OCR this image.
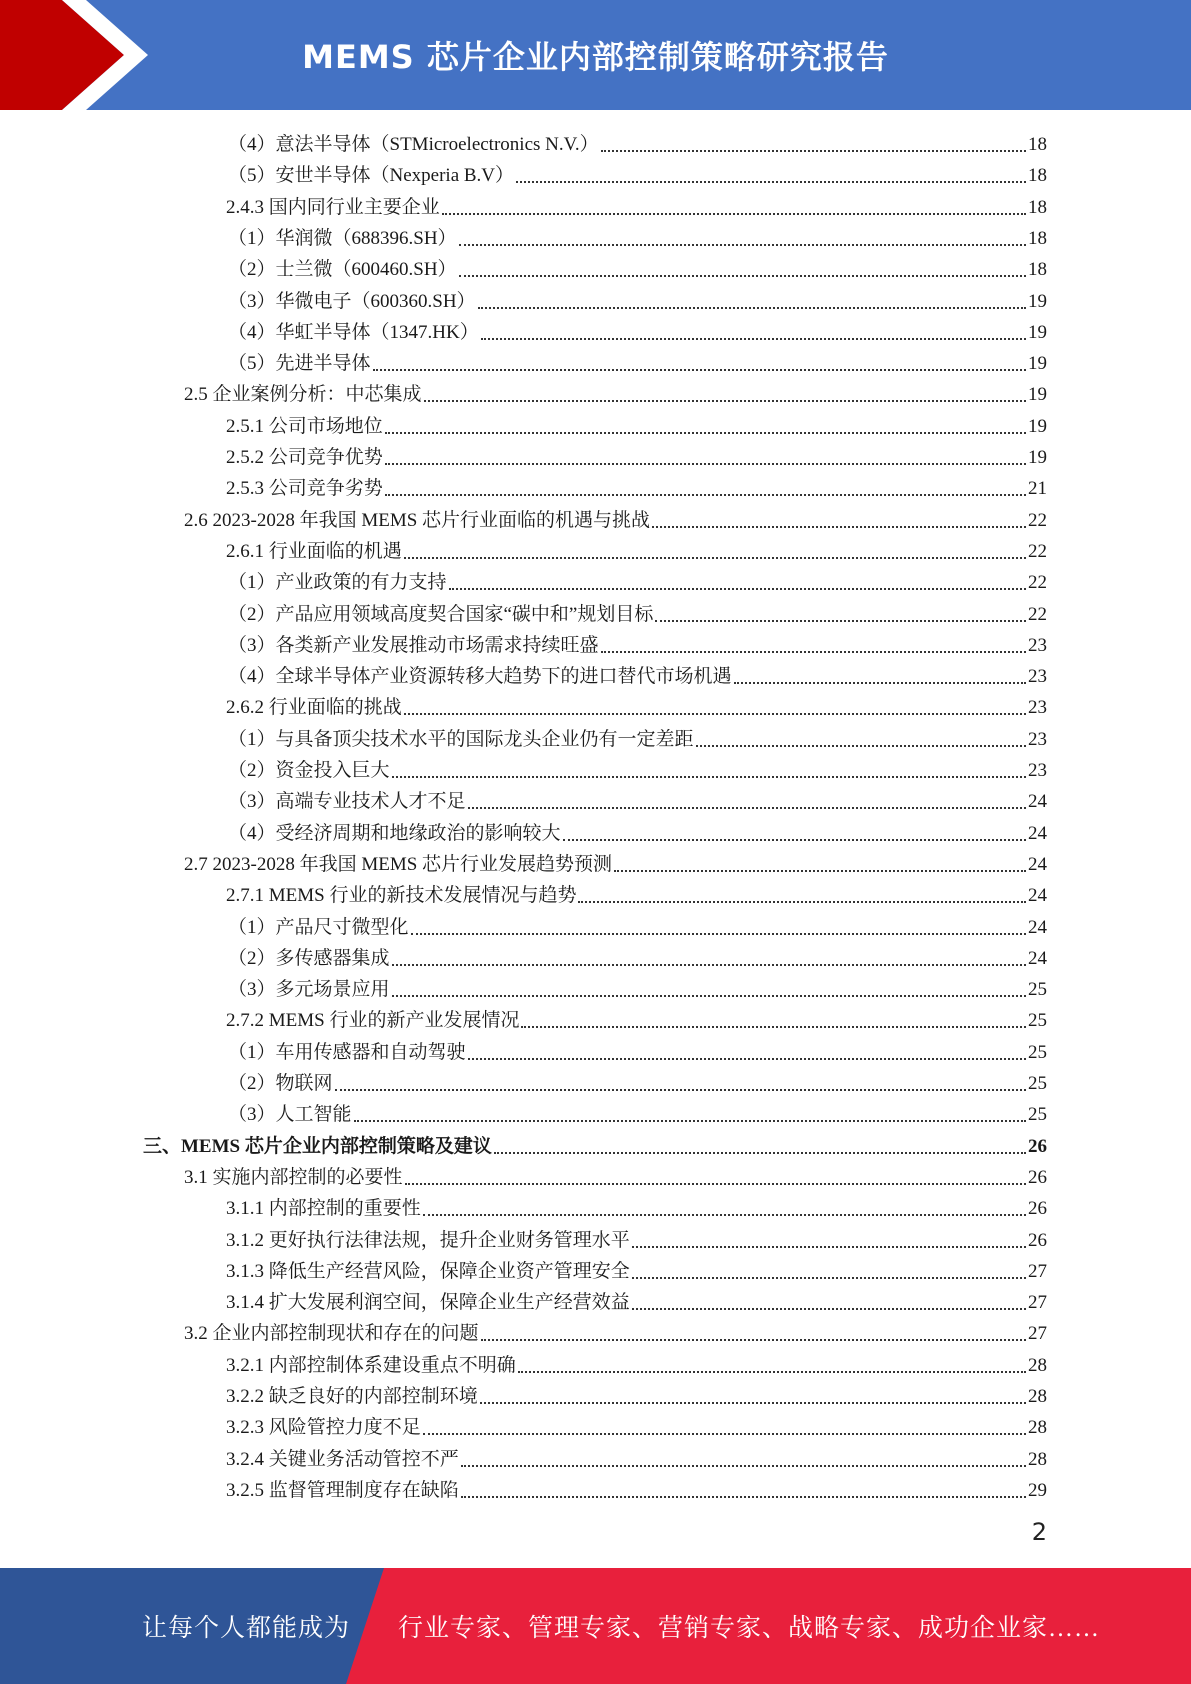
MEMS 芯片企业内部控制策略研究报告
（4）意法半导体（STMicroelectronics N.V.）	18
（5）安世半导体（Nexperia B.V）	18
2.4.3 国内同行业主要企业	18
（1）华润微（688396.SH）	18
（2）士兰微（600460.SH）	18
（3）华微电子（600360.SH）	19
（4）华虹半导体（1347.HK）	19
（5）先进半导体	19
2.5 企业案例分析：中芯集成	19
2.5.1 公司市场地位	19
2.5.2 公司竞争优势	19
2.5.3 公司竞争劣势	21
2.6 2023-2028 年我国 MEMS 芯片行业面临的机遇与挑战	22
2.6.1 行业面临的机遇	22
（1）产业政策的有力支持	22
（2）产品应用领域高度契合国家“碳中和”规划目标	22
（3）各类新产业发展推动市场需求持续旺盛	23
（4）全球半导体产业资源转移大趋势下的进口替代市场机遇	23
2.6.2 行业面临的挑战	23
（1）与具备顶尖技术水平的国际龙头企业仍有一定差距	23
（2）资金投入巨大	23
（3）高端专业技术人才不足	24
（4）受经济周期和地缘政治的影响较大	24
2.7 2023-2028 年我国 MEMS 芯片行业发展趋势预测	24
2.7.1 MEMS 行业的新技术发展情况与趋势	24
（1）产品尺寸微型化	24
（2）多传感器集成	24
（3）多元场景应用	25
2.7.2 MEMS 行业的新产业发展情况	25
（1）车用传感器和自动驾驶	25
（2）物联网	25
（3）人工智能	25
三、MEMS 芯片企业内部控制策略及建议	26
3.1 实施内部控制的必要性	26
3.1.1 内部控制的重要性	26
3.1.2 更好执行法律法规，提升企业财务管理水平	26
3.1.3 降低生产经营风险，保障企业资产管理安全	27
3.1.4 扩大发展利润空间，保障企业生产经营效益	27
3.2 企业内部控制现状和存在的问题	27
3.2.1 内部控制体系建设重点不明确	28
3.2.2 缺乏良好的内部控制环境	28
3.2.3 风险管控力度不足	28
3.2.4 关键业务活动管控不严	28
3.2.5 监督管理制度存在缺陷	29
2
让每个人都能成为 行业专家、管理专家、营销专家、战略专家、成功企业家……
